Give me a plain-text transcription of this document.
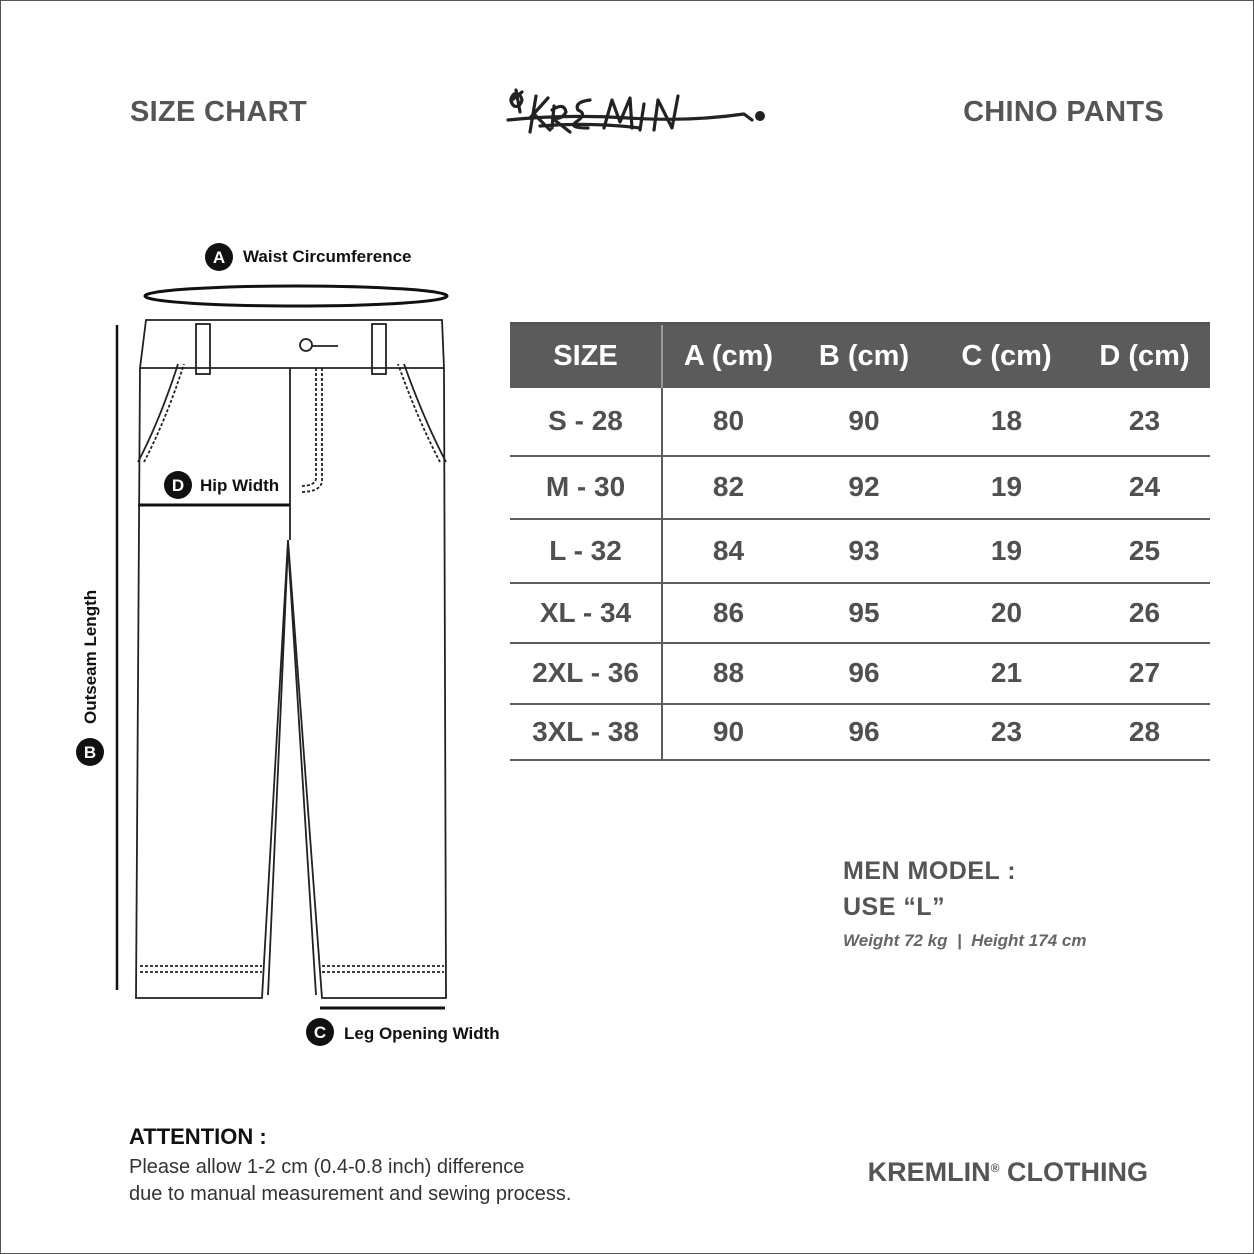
SIZE CHART	CHINO PANTS
A Waist Circumference
D Hip Width
B
Outseam Length
C Leg Opening Width
SIZE	A (cm)	B (cm)	C (cm)	D (cm)
S - 28	80	90	18	23
M - 30	82	92	19	24
L - 32	84	93	19	25
XL - 34	86	95	20	26
2XL - 36	88	96	21	27
3XL - 38	90	96	23	28
MEN MODEL :
USE “L”
Weight 72 kg  |  Height 174 cm
ATTENTION :
Please allow 1-2 cm (0.4-0.8 inch) difference
due to manual measurement and sewing process.
KREMLIN® CLOTHING
